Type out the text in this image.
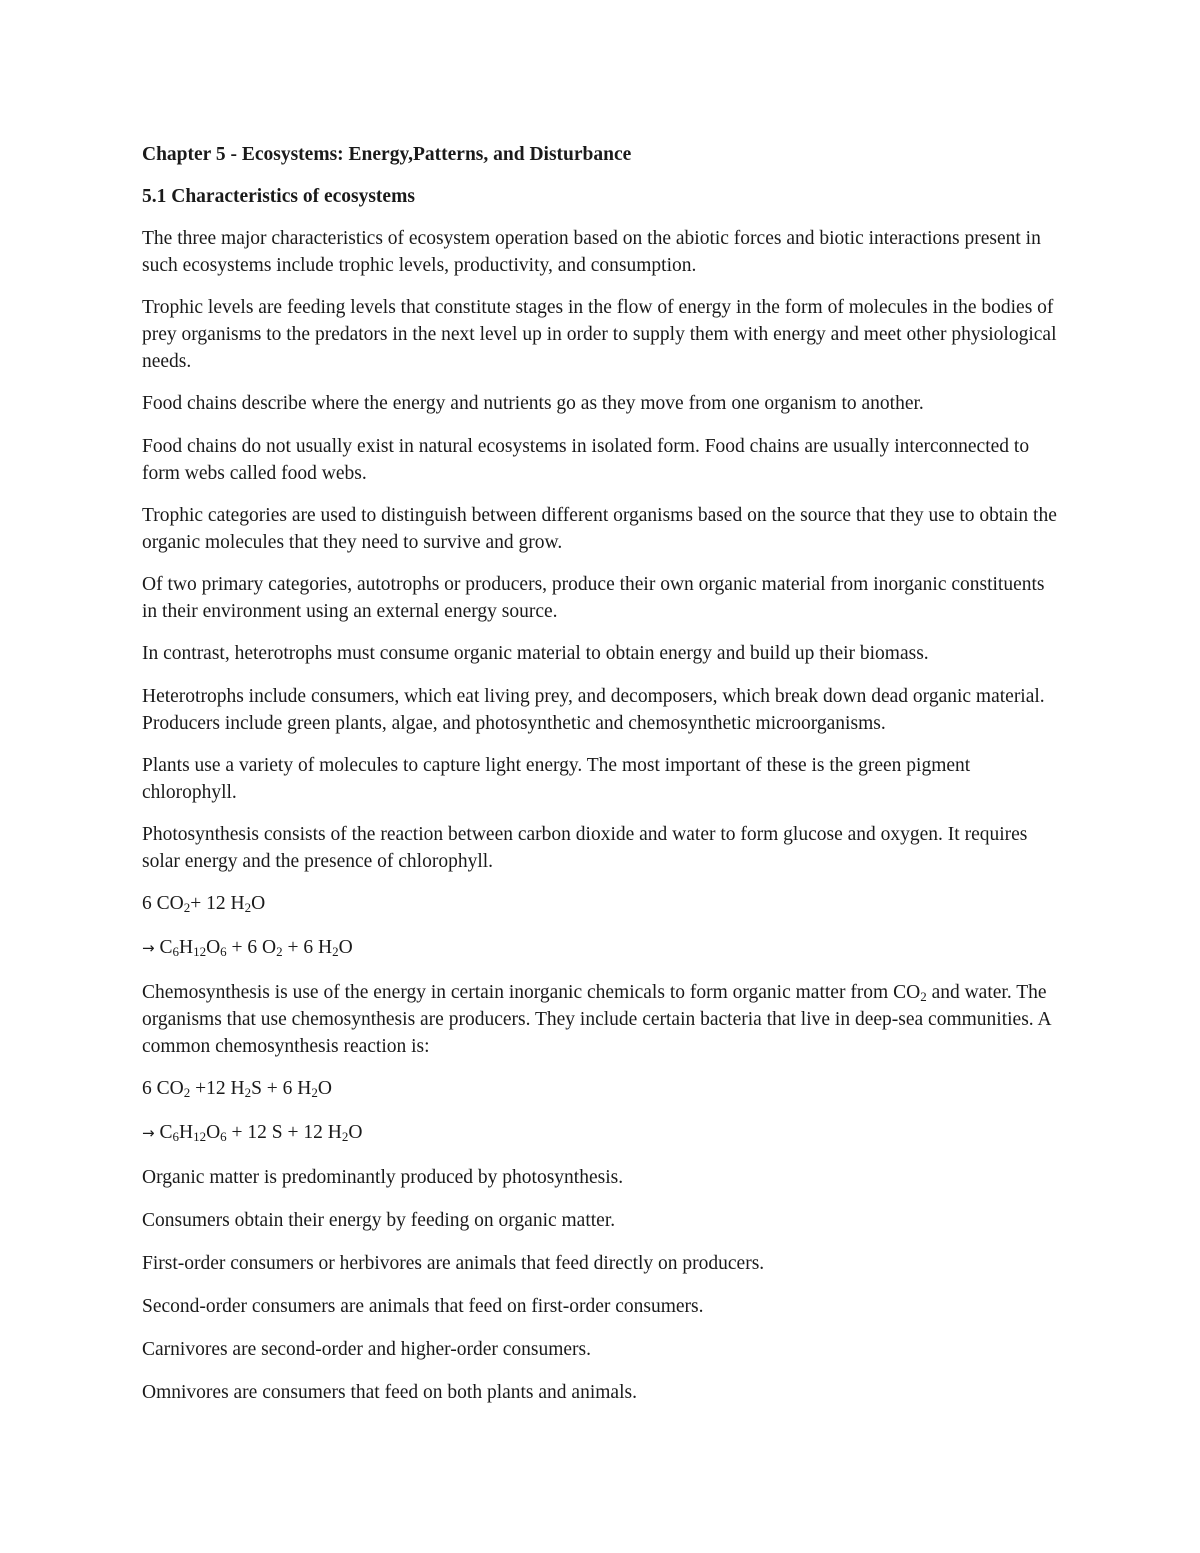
Chapter 5 - Ecosystems: Energy,Patterns, and Disturbance
5.1 Characteristics of ecosystems

The three major characteristics of ecosystem operation based on the abiotic forces and biotic interactions present in such ecosystems include trophic levels, productivity, and consumption.

Trophic levels are feeding levels that constitute stages in the flow of energy in the form of molecules in the bodies of prey organisms to the predators in the next level up in order to supply them with energy and meet other physiological needs.

Food chains describe where the energy and nutrients go as they move from one organism to another.

Food chains do not usually exist in natural ecosystems in isolated form. Food chains are usually interconnected to form webs called food webs.

Trophic categories are used to distinguish between different organisms based on the source that they use to obtain the organic molecules that they need to survive and grow.

Of two primary categories, autotrophs or producers, produce their own organic material from inorganic constituents in their environment using an external energy source.

In contrast, heterotrophs must consume organic material to obtain energy and build up their biomass.

Heterotrophs include consumers, which eat living prey, and decomposers, which break down dead organic material. Producers include green plants, algae, and photosynthetic and chemosynthetic microorganisms.

Plants use a variety of molecules to capture light energy. The most important of these is the green pigment chlorophyll.

Photosynthesis consists of the reaction between carbon dioxide and water to form glucose and oxygen. It requires solar energy and the presence of chlorophyll.

6 $CO_2+ 12$ $H_2O$
→ $C_6H_{12}O_6 + 6$ $O_2 + 6$ $H_2O$

Chemosynthesis is use of the energy in certain inorganic chemicals to form organic matter from $CO_2$ and water. The organisms that use chemosynthesis are producers. They include certain bacteria that live in deep-sea communities. A common chemosynthesis reaction is:

6 $CO_2 +12$ $H_2S + 6$ $H_2O$
→ $C_6H_{12}O_6 + 12$ S + 12 $H_2O$

Organic matter is predominantly produced by photosynthesis.

Consumers obtain their energy by feeding on organic matter.

First-order consumers or herbivores are animals that feed directly on producers.

Second-order consumers are animals that feed on first-order consumers.

Carnivores are second-order and higher-order consumers.

Omnivores are consumers that feed on both plants and animals.
